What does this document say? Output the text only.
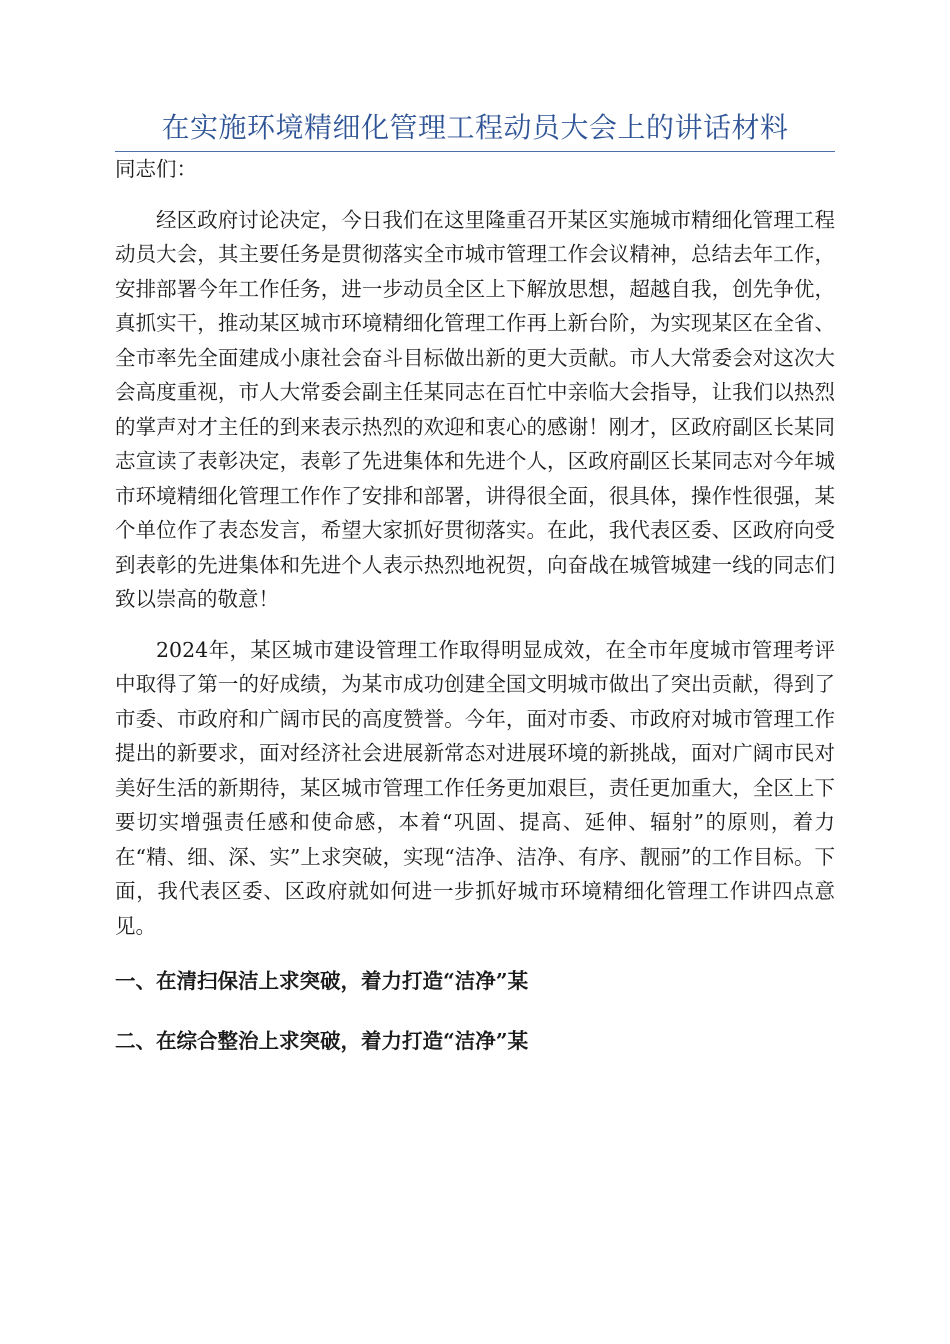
在实施环境精细化管理工程动员大会上的讲话材料

同志们：

经区政府讨论决定，今日我们在这里隆重召开某区实施城市精细化管理工程动员大会，其主要任务是贯彻落实全市城市管理工作会议精神，总结去年工作，安排部署今年工作任务，进一步动员全区上下解放思想，超越自我，创先争优，真抓实干，推动某区城市环境精细化管理工作再上新台阶，为实现某区在全省、全市率先全面建成小康社会奋斗目标做出新的更大贡献。市人大常委会对这次大会高度重视，市人大常委会副主任某同志在百忙中亲临大会指导，让我们以热烈的掌声对才主任的到来表示热烈的欢迎和衷心的感谢！刚才，区政府副区长某同志宣读了表彰决定，表彰了先进集体和先进个人，区政府副区长某同志对今年城市环境精细化管理工作作了安排和部署，讲得很全面，很具体，操作性很强，某个单位作了表态发言，希望大家抓好贯彻落实。在此，我代表区委、区政府向受到表彰的先进集体和先进个人表示热烈地祝贺，向奋战在城管城建一线的同志们致以崇高的敬意！

2024年，某区城市建设管理工作取得明显成效，在全市年度城市管理考评中取得了第一的好成绩，为某市成功创建全国文明城市做出了突出贡献，得到了市委、市政府和广阔市民的高度赞誉。今年，面对市委、市政府对城市管理工作提出的新要求，面对经济社会进展新常态对进展环境的新挑战，面对广阔市民对美好生活的新期待，某区城市管理工作任务更加艰巨，责任更加重大，全区上下要切实增强责任感和使命感，本着“巩固、提高、延伸、辐射”的原则，着力在“精、细、深、实”上求突破，实现“洁净、洁净、有序、靓丽”的工作目标。下面，我代表区委、区政府就如何进一步抓好城市环境精细化管理工作讲四点意见。

一、在清扫保洁上求突破，着力打造“洁净”某

二、在综合整治上求突破，着力打造“洁净”某
